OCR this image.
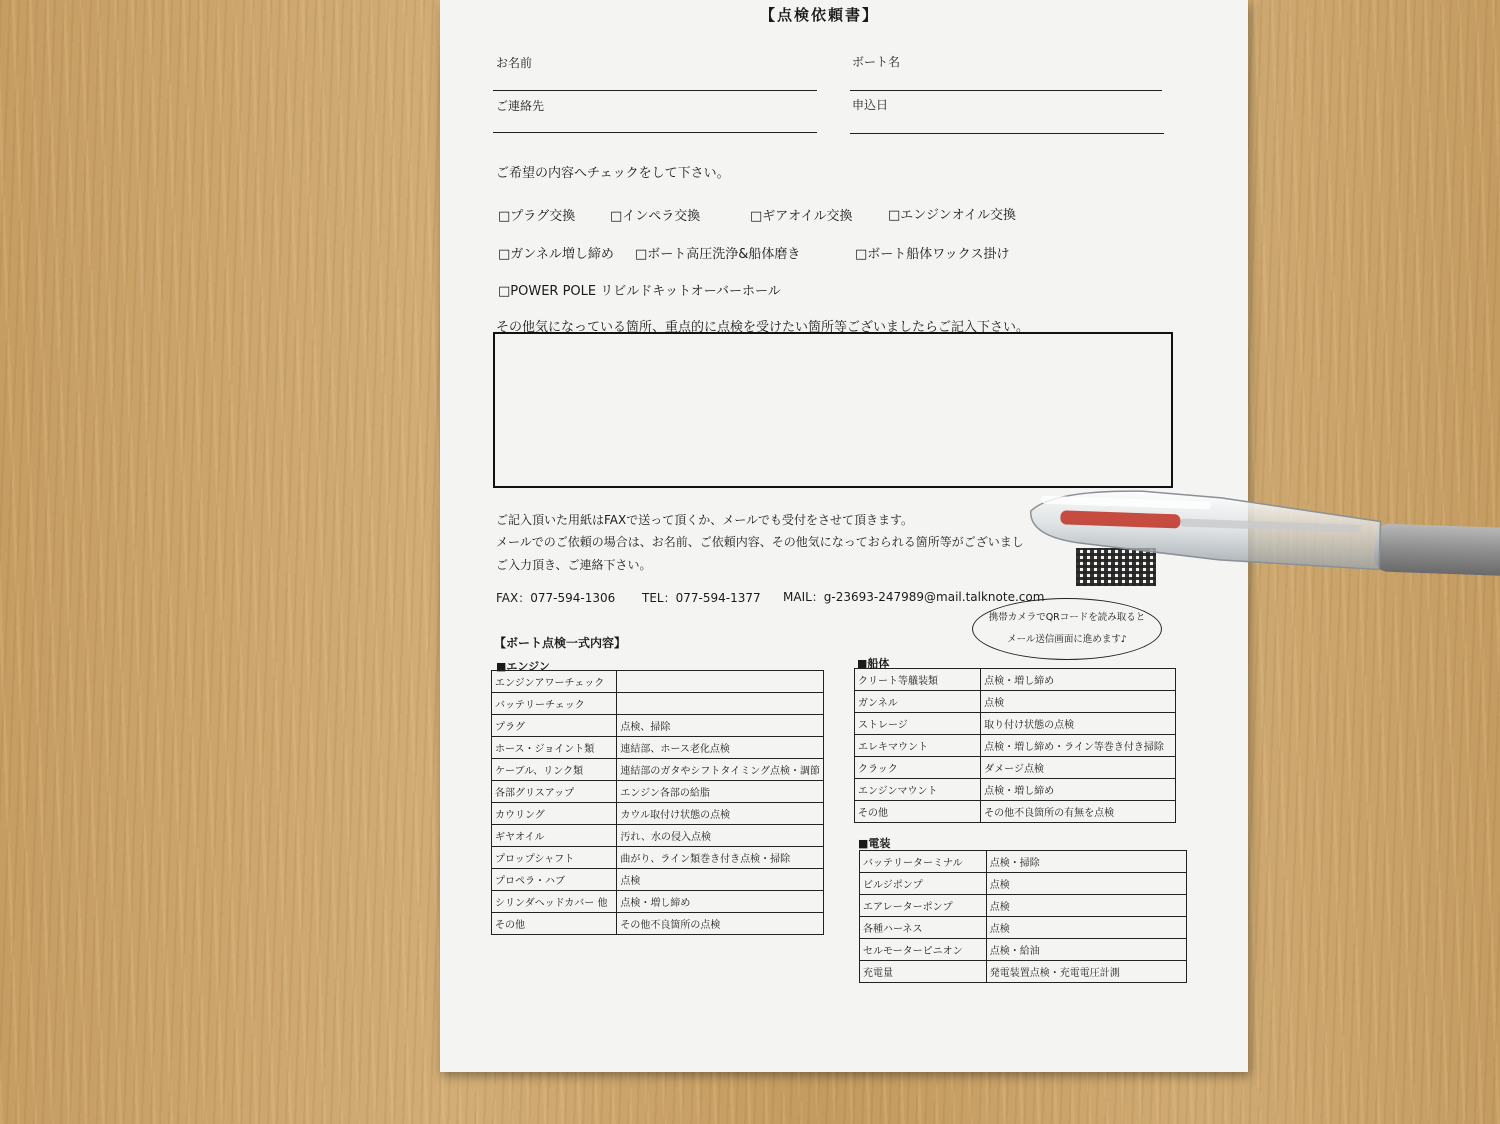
【点検依頼書】
お名前	ボート名
ご連絡先	申込日
ご希望の内容へチェックをして下さい。
□プラグ交換	□インペラ交換	□ギアオイル交換	□エンジンオイル交換
□ガンネル増し締め □ボート高圧洗浄&船体磨き	□ボート船体ワックス掛け
□POWER POLE リビルドキットオーバーホール
その他気になっている箇所、重点的に点検を受けたい箇所等ございましたらご記入下さい。
ご記入頂いた用紙はFAXで送って頂くか、メールでも受付をさせて頂きます。
メールでのご依頼の場合は、お名前、ご依頼内容、その他気になっておられる箇所等がございまし
ご入力頂き、ご連絡下さい。
FAX：077-594-1306 TEL：077-594-1377 MAIL：g-23693-247989@mail.talknote.com
携帯カメラでQRコードを読み取ると
メール送信画面に進めます♪
【ボート点検一式内容】
■エンジン	■船体
エンジンアワーチェック	
バッテリーチェック	
プラグ	点検、掃除
ホース・ジョイント類	連結部、ホース老化点検
ケーブル、リンク類	連結部のガタやシフトタイミング点検・調節
各部グリスアップ	エンジン各部の給脂
カウリング	カウル取付け状態の点検
ギヤオイル	汚れ、水の侵入点検
プロップシャフト	曲がり、ライン類巻き付き点検・掃除
プロペラ・ハブ	点検
シリンダヘッドカバー 他	点検・増し締め
その他	その他不良箇所の点検
クリート等艤装類	点検・増し締め
ガンネル	点検
ストレージ	取り付け状態の点検
エレキマウント	点検・増し締め・ライン等巻き付き掃除
クラック	ダメージ点検
エンジンマウント	点検・増し締め
その他	その他不良箇所の有無を点検
■電装
バッテリーターミナル	点検・掃除
ビルジポンプ	点検
エアレーターポンプ	点検
各種ハーネス	点検
セルモーターピニオン	点検・給油
充電量	発電装置点検・充電電圧計測
